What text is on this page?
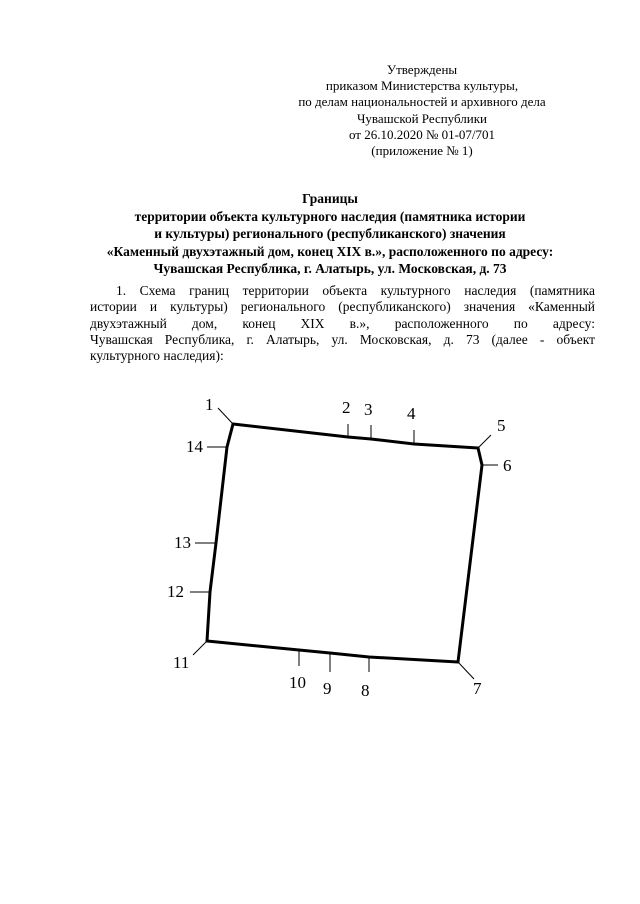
Утверждены
приказом Министерства культуры,
по делам национальностей и архивного дела
Чувашской Республики
от 26.10.2020 № 01-07/701
(приложение № 1)
Границы
территории объекта культурного наследия (памятника истории
и культуры) регионального (республиканского) значения
«Каменный двухэтажный дом, конец XIX в.», расположенного по адресу:
Чувашская Республика, г. Алатырь, ул. Московская, д. 73
1. Схема границ территории объекта культурного наследия (памятника
истории и культуры) регионального (республиканского) значения «Каменный
двухэтажный дом, конец XIX в.», расположенного по адресу:
Чувашская Республика, г. Алатырь, ул. Московская, д. 73 (далее - объект
культурного наследия):
1	2 3 4
5
6
7
8
9
10
11
12
13
14
